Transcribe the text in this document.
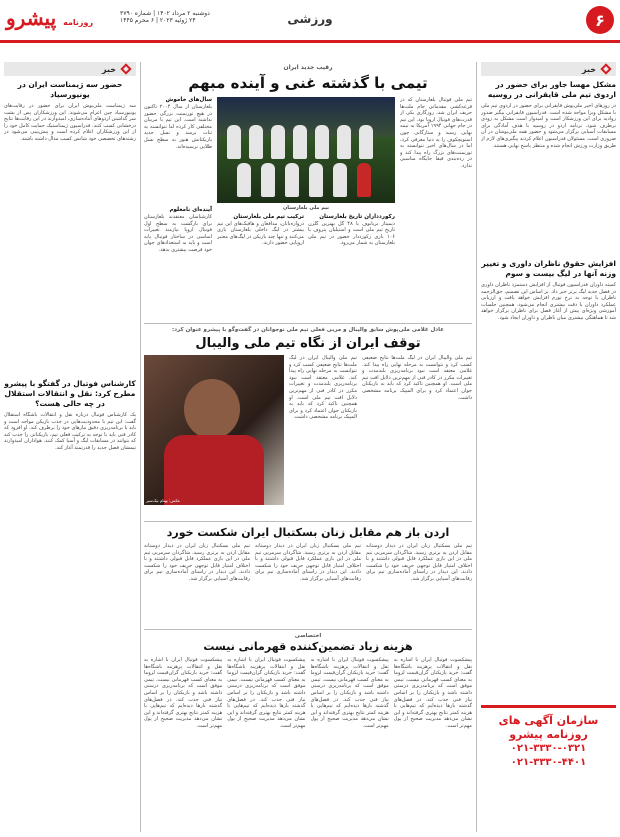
۶
ورزشی
دوشنبه ۲ مرداد ۱۴۰۲ | شماره ۳۷۹۰
۲۴ ژوئیه ۲۰۲۳ | ۶ محرم ۱۴۴۵
روزنامه پیشرو
خبر
مشکل مهسا جاور برای حضور در اردوی تیم ملی قایقرانی در روسیه
در روزهای اخیر ملی‌پوش قایقرانی برای حضور در اردوی تیم ملی با مشکل ویزا مواجه شده است. فدراسیون قایقرانی پیگیر صدور روادید برای این ورزشکار است و امیدوار است مشکل به زودی برطرف شود. برنامه اردو در روسیه با هدف آمادگی برای مسابقات آسیایی برگزار می‌شود و حضور همه ملی‌پوشان در آن ضروری است. مسئولان فدراسیون اعلام کردند پیگیری‌های لازم از طریق وزارت ورزش انجام شده و منتظر پاسخ نهایی هستند.
افزایش حقوق ناظران داوری و تغییر وزنه آنها در لیگ بیست و سوم
کمیته داوران فدراسیون فوتبال از افزایش دستمزد ناظران داوری در فصل جدید لیگ برتر خبر داد. بر اساس این تصمیم، حق‌الزحمه ناظران با توجه به نرخ تورم افزایش خواهد یافت و ارزیابی عملکرد داوران با دقت بیشتری انجام می‌شود. همچنین جلسات آموزشی ویژه‌ای پیش از آغاز فصل برای ناظران برگزار خواهد شد تا هماهنگی بیشتری میان ناظران و داوران ایجاد شود.
سازمان آگهی های روزنامه پیشرو
۰۲۱-۳۳۳۰-۰۳۲۱
۰۲۱-۳۳۳۰-۴۴۰۱
رقیب جدید ایران
تیمی با گذشته غنی و آینده مبهم
تیم ملی فوتبال بلغارستان که در قرعه‌کشی مقدماتی جام ملت‌ها حریف ایران شد، روزگاری یکی از قدرت‌های فوتبال اروپا بود. این تیم در جام جهانی ۱۹۹۴ آمریکا به نیمه نهایی رسید و ستارگانی چون استویچکوف را به دنیا معرفی کرد، اما در سال‌های اخیر نتوانسته به تورنمنت‌های بزرگ راه پیدا کند و در رده‌بندی فیفا جایگاه مناسبی ندارد.
تیم ملی بلغارستان
رکوردداران تاریخ بلغارستان
دیمیتار بربانوف با ۴۸ گل بهترین گلزن تاریخ تیم ملی است و استیلیان پتروف با ۱۰۶ بازی رکورددار حضور در تیم ملی بلغارستان به شمار می‌رود.
ترکیب تیم ملی بلغارستان
دروازه‌بانان، مدافعان و هافبک‌های این تیم بیشتر در لیگ داخلی بلغارستان بازی می‌کنند و تنها چند بازیکن در لیگ‌های معتبر اروپایی حضور دارند.
سال‌های خاموش
بلغارستان از سال ۲۰۰۴ تاکنون در هیچ تورنمنت بزرگی حضور نداشته است. این تیم با مربیان مختلفی کار کرده اما نتوانسته به ثبات برسد و نسل جدید بازیکنانش هنوز به سطح نسل طلایی نرسیده‌اند.
آینده‌ای نامعلوم
کارشناسان معتقدند بلغارستان برای بازگشت به سطح اول فوتبال اروپا نیازمند تغییرات اساسی در ساختار فوتبال پایه است و باید به استعدادهای جوان خود فرصت بیشتری بدهد.
عادل غلامی ملی‌پوش سابق والیبال و مربی فعلی تیم ملی نوجوانان در گفت‌وگو با پیشرو عنوان کرد:
توقف ایران از نگاه تیم ملی والیبال
تیم ملی والیبال ایران در لیگ ملت‌ها نتایج ضعیفی کسب کرد و نتوانست به مرحله نهایی راه پیدا کند. غلامی معتقد است نبود برنامه‌ریزی بلندمدت و تغییرات مکرر در کادر فنی از مهم‌ترین دلایل افت تیم ملی است. او همچنین تاکید کرد که باید به بازیکنان جوان اعتماد کرد و برای المپیک برنامه مشخصی داشت.
تیم ملی والیبال ایران در لیگ ملت‌ها نتایج ضعیفی کسب کرد و نتوانست به مرحله نهایی راه پیدا کند. غلامی معتقد است نبود برنامه‌ریزی بلندمدت و تغییرات مکرر در کادر فنی از مهم‌ترین دلایل افت تیم ملی است. او همچنین تاکید کرد که باید به بازیکنان جوان اعتماد کرد و برای المپیک برنامه مشخصی داشت.
عکس: بهنام نیک‌سیر
اردن باز هم مقابل زنان بسکتبال ایران شکست خورد
تیم ملی بسکتبال زنان ایران در دیدار دوستانه مقابل اردن به برتری رسید. شاگردان سرمربی تیم ملی در این بازی عملکرد قابل قبولی داشتند و با اختلاف امتیاز قابل توجهی حریف خود را شکست دادند. این دیدار در راستای آماده‌سازی تیم برای رقابت‌های آسیایی برگزار شد.
تیم ملی بسکتبال زنان ایران در دیدار دوستانه مقابل اردن به برتری رسید. شاگردان سرمربی تیم ملی در این بازی عملکرد قابل قبولی داشتند و با اختلاف امتیاز قابل توجهی حریف خود را شکست دادند. این دیدار در راستای آماده‌سازی تیم برای رقابت‌های آسیایی برگزار شد.
تیم ملی بسکتبال زنان ایران در دیدار دوستانه مقابل اردن به برتری رسید. شاگردان سرمربی تیم ملی در این بازی عملکرد قابل قبولی داشتند و با اختلاف امتیاز قابل توجهی حریف خود را شکست دادند. این دیدار در راستای آماده‌سازی تیم برای رقابت‌های آسیایی برگزار شد.
اختصاصی
هزینه زیاد تضمین‌کننده قهرمانی نیست
پیشکسوت فوتبال ایران با اشاره به نقل و انتقالات پرهزینه باشگاه‌ها گفت: خرید بازیکنان گران‌قیمت لزوما به معنای کسب قهرمانی نیست. تیمی موفق است که برنامه‌ریزی درستی داشته باشد و بازیکنان را بر اساس نیاز فنی جذب کند. در فصل‌های گذشته بارها دیده‌ایم که تیم‌هایی با هزینه کمتر نتایج بهتری گرفته‌اند و این نشان می‌دهد مدیریت صحیح از پول مهم‌تر است.
پیشکسوت فوتبال ایران با اشاره به نقل و انتقالات پرهزینه باشگاه‌ها گفت: خرید بازیکنان گران‌قیمت لزوما به معنای کسب قهرمانی نیست. تیمی موفق است که برنامه‌ریزی درستی داشته باشد و بازیکنان را بر اساس نیاز فنی جذب کند. در فصل‌های گذشته بارها دیده‌ایم که تیم‌هایی با هزینه کمتر نتایج بهتری گرفته‌اند و این نشان می‌دهد مدیریت صحیح از پول مهم‌تر است.
پیشکسوت فوتبال ایران با اشاره به نقل و انتقالات پرهزینه باشگاه‌ها گفت: خرید بازیکنان گران‌قیمت لزوما به معنای کسب قهرمانی نیست. تیمی موفق است که برنامه‌ریزی درستی داشته باشد و بازیکنان را بر اساس نیاز فنی جذب کند. در فصل‌های گذشته بارها دیده‌ایم که تیم‌هایی با هزینه کمتر نتایج بهتری گرفته‌اند و این نشان می‌دهد مدیریت صحیح از پول مهم‌تر است.
پیشکسوت فوتبال ایران با اشاره به نقل و انتقالات پرهزینه باشگاه‌ها گفت: خرید بازیکنان گران‌قیمت لزوما به معنای کسب قهرمانی نیست. تیمی موفق است که برنامه‌ریزی درستی داشته باشد و بازیکنان را بر اساس نیاز فنی جذب کند. در فصل‌های گذشته بارها دیده‌ایم که تیم‌هایی با هزینه کمتر نتایج بهتری گرفته‌اند و این نشان می‌دهد مدیریت صحیح از پول مهم‌تر است.
خبر
حضور سه ژیمناست ایران در یونیورسیاد
سه ژیمناست ملی‌پوش ایران برای حضور در رقابت‌های یونیورسیاد چین اعزام می‌شوند. این ورزشکاران پس از پشت سر گذاشتن اردوهای آماده‌سازی، امیدوارند در این رقابت‌ها نتایج درخشانی کسب کنند. فدراسیون ژیمناستیک حمایت کامل خود را از این ورزشکاران اعلام کرده است و پیش‌بینی می‌شود در رشته‌های تخصصی خود شانس کسب مدال داشته باشند.
کارشناس فوتبال در گفتگو با پیشرو مطرح کرد: نقل و انتقالات استقلال در چه حالی هست؟
یک کارشناس فوتبال درباره نقل و انتقالات باشگاه استقلال گفت: این تیم با محدودیت‌هایی در جذب بازیکن مواجه است و باید با برنامه‌ریزی دقیق نیازهای خود را برطرف کند. او افزود که کادر فنی باید با توجه به ترکیب فعلی تیم، بازیکنانی را جذب کند که بتوانند در مسابقات لیگ و آسیا کمک کنند. هواداران امیدوارند تیمشان فصل جدید را قدرتمند آغاز کند.
